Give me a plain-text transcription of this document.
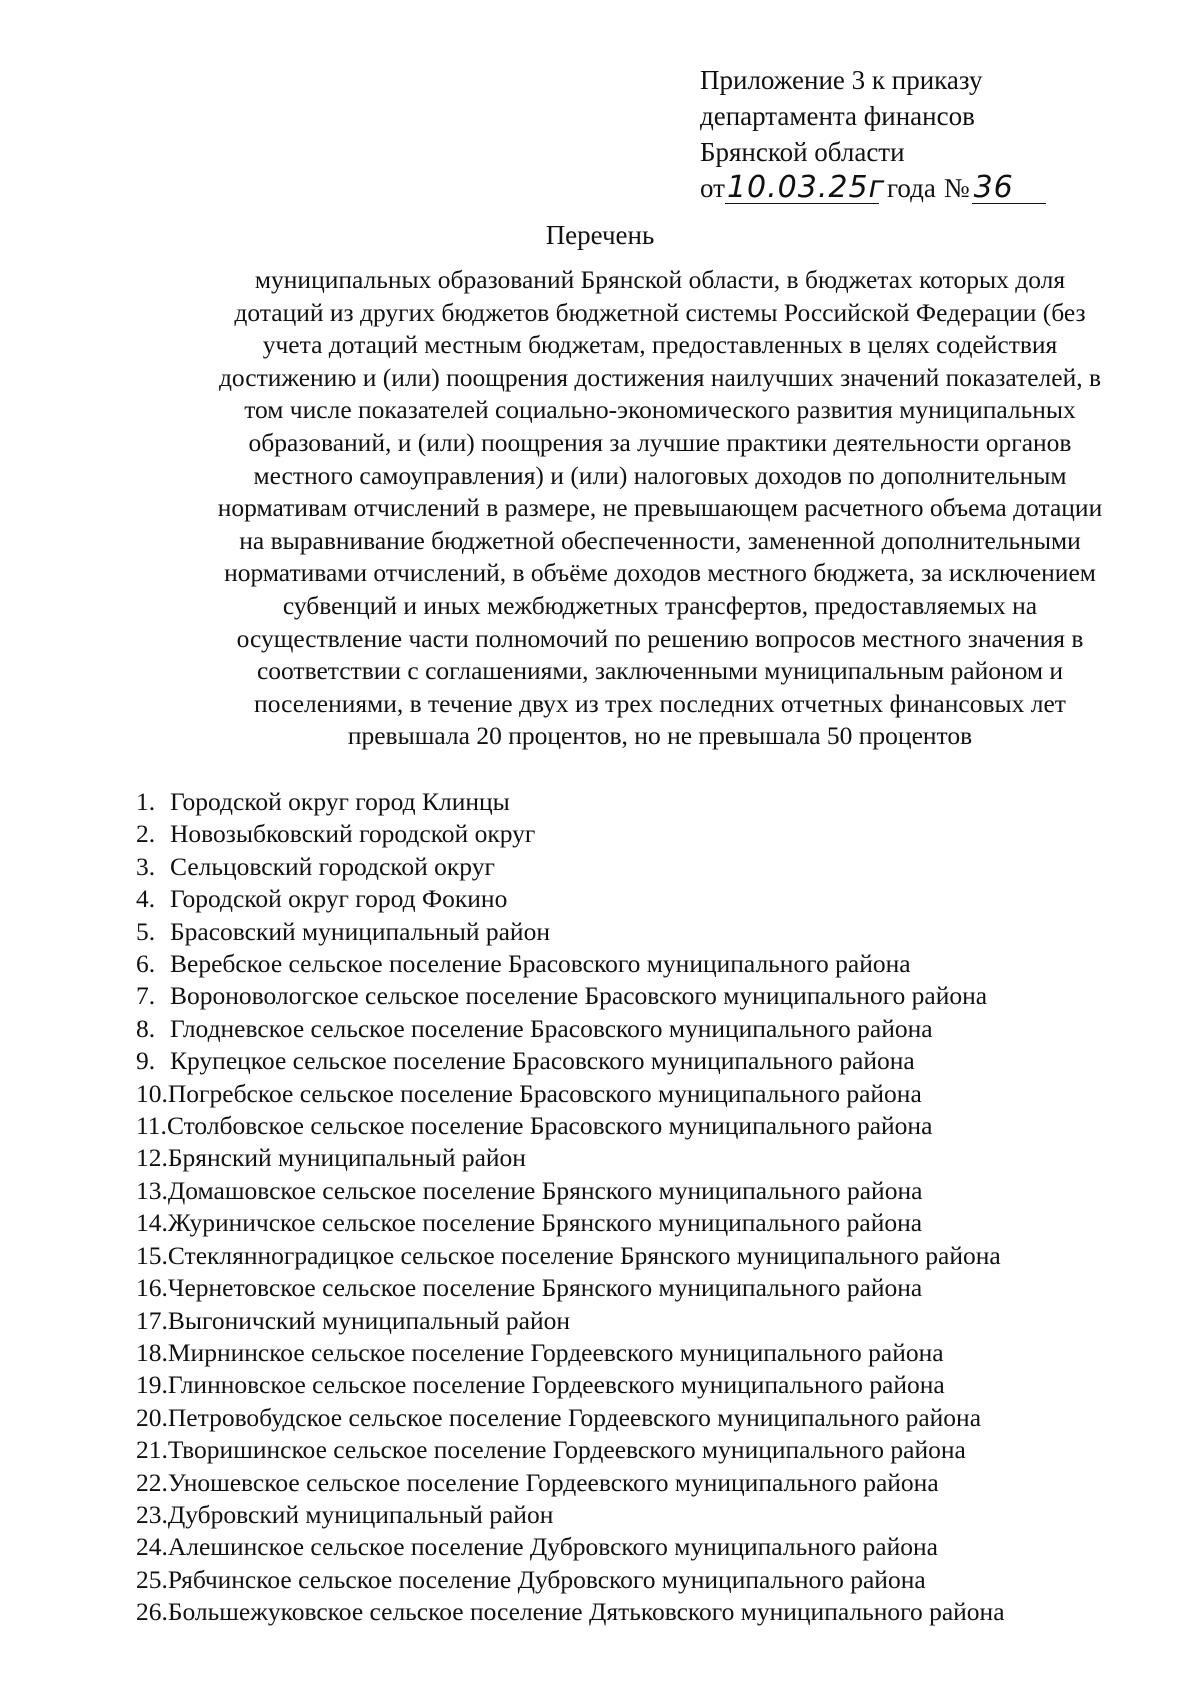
Приложение 3 к приказу
департамента финансов
Брянской области
от 10.03.25г года № 36
Перечень
муниципальных образований Брянской области, в бюджетах которых доля
дотаций из других бюджетов бюджетной системы Российской Федерации (без
учета дотаций местным бюджетам, предоставленных в целях содействия
достижению и (или) поощрения достижения наилучших значений показателей, в
том числе показателей социально-экономического развития муниципальных
образований, и (или) поощрения за лучшие практики деятельности органов
местного самоуправления) и (или) налоговых доходов по дополнительным
нормативам отчислений в размере, не превышающем расчетного объема дотации
на выравнивание бюджетной обеспеченности, замененной дополнительными
нормативами отчислений, в объёме доходов местного бюджета, за исключением
субвенций и иных межбюджетных трансфертов, предоставляемых на
осуществление части полномочий по решению вопросов местного значения в
соответствии с соглашениями, заключенными муниципальным районом и
поселениями, в течение двух из трех последних отчетных финансовых лет
превышала 20 процентов, но не превышала 50 процентов
1. Городской округ город Клинцы
2. Новозыбковский городской округ
3. Сельцовский городской округ
4. Городской округ город Фокино
5. Брасовский муниципальный район
6. Веребское сельское поселение Брасовского муниципального района
7. Вороновологское сельское поселение Брасовского муниципального района
8. Глодневское сельское поселение Брасовского муниципального района
9. Крупецкое сельское поселение Брасовского муниципального района
10. Погребское сельское поселение Брасовского муниципального района
11. Столбовское сельское поселение Брасовского муниципального района
12. Брянский муниципальный район
13. Домашовское сельское поселение Брянского муниципального района
14. Журиничское сельское поселение Брянского муниципального района
15. Стеклянноградицкое сельское поселение Брянского муниципального района
16. Чернетовское сельское поселение Брянского муниципального района
17. Выгоничский муниципальный район
18. Мирнинское сельское поселение Гордеевского муниципального района
19. Глинновское сельское поселение Гордеевского муниципального района
20. Петровобудское сельское поселение Гордеевского муниципального района
21. Творишинское сельское поселение Гордеевского муниципального района
22. Уношевское сельское поселение Гордеевского муниципального района
23. Дубровский муниципальный район
24. Алешинское сельское поселение Дубровского муниципального района
25. Рябчинское сельское поселение Дубровского муниципального района
26. Большежуковское сельское поселение Дятьковского муниципального района
